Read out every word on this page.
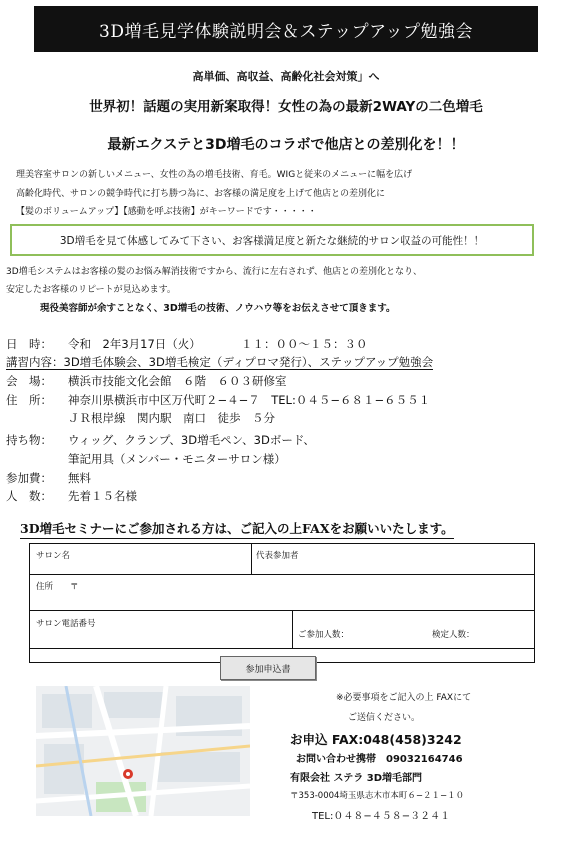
3D増毛見学体験説明会＆ステップアップ勉強会
高単価、高収益、高齢化社会対策」へ
世界初！話題の実用新案取得！女性の為の最新2WAYの二色増毛
最新エクステと3D増毛のコラボで他店との差別化を！！
理美容室サロンの新しいメニュー、女性の為の増毛技術、育毛。WIGと従来のメニューに幅を広げ
高齢化時代、サロンの競争時代に打ち勝つ為に、お客様の満足度を上げて他店との差別化に
【髪のボリュームアップ】【感動を呼ぶ技術】がキーワードです・・・・・
3D増毛を見て体感してみて下さい、お客様満足度と新たな継続的サロン収益の可能性！！
3D増毛システムはお客様の髪のお悩み解消技術ですから、流行に左右されず、他店との差別化となり、
安定したお客様のリピートが見込めます。
現役美容師が余すことなく、3D増毛の技術、ノウハウ等をお伝えさせて頂きます。
日　時： 令和　2年3月17日（火）　　　　１１：００〜１５：３０
講習内容：3D増毛体験会、3D増毛検定（ディプロマ発行）、ステップアップ勉強会
会　場： 横浜市技能文化会館　６階　６０３研修室
住　所： 神奈川県横浜市中区万代町２−４−７　TEL:０４５−６８１−６５５１
ＪＲ根岸線　関内駅　南口　徒歩　５分
持ち物： ウィッグ、クランプ、3D増毛ペン、3Dボード、
筆記用具（メンバー・モニターサロン様）
参加費： 無料
人　数： 先着１５名様
3D増毛セミナーにご参加される方は、ご記入の上FAXをお願いいたします。
サロン名	代表参加者
住所　　〒
サロン電話番号
ご参加人数：	検定人数：
参加申込書
※必要事項をご記入の上 FAXにて
ご送信ください。
お申込 FAX:048(458)3242
お問い合わせ携帯　09032164746
有限会社 ステラ 3D増毛部門
〒353-0004埼玉県志木市本町６−２１−１０
TEL:０４８−４５８−３２４１
